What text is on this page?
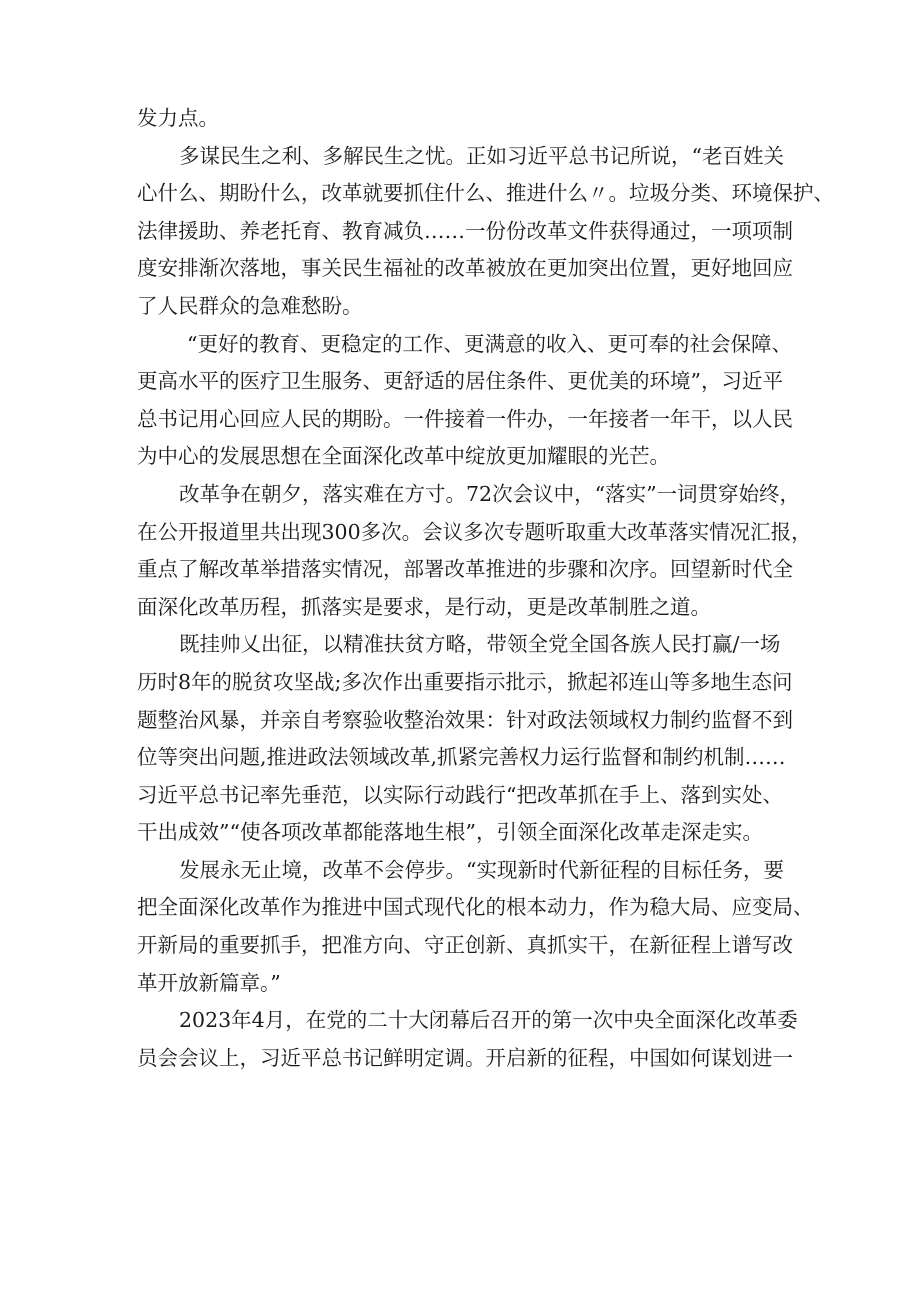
发力点。
多谋民生之利、多解民生之忧。正如习近平总书记所说，“老百姓关
心什么、期盼什么，改革就要抓住什么、推进什么〃。垃圾分类、环境保护、
法律援助、养老托育、教育减负……一份份改革文件获得通过，一项项制
度安排渐次落地，事关民生福祉的改革被放在更加突出位置，更好地回应
了人民群众的急难愁盼。
“更好的教育、更稳定的工作、更满意的收入、更可奉的社会保障、
更高水平的医疗卫生服务、更舒适的居住条件、更优美的环境”，习近平
总书记用心回应人民的期盼。一件接着一件办，一年接者一年干，以人民
为中心的发展思想在全面深化改革中绽放更加耀眼的光芒。
改革争在朝夕，落实难在方寸。72次会议中，“落实”一词贯穿始终，
在公开报道里共出现300多次。会议多次专题听取重大改革落实情况汇报，
重点了解改革举措落实情况，部署改革推进的步骤和次序。回望新时代全
面深化改革历程，抓落实是要求，是行动，更是改革制胜之道。
既挂帅乂出征，以精准扶贫方略，带领全党全国各族人民打赢/一场
历时8年的脱贫攻坚战;多次作出重要指示批示，掀起祁连山等多地生态问
题整治风暴，并亲自考察验收整治效果：针对政法领域权力制约监督不到
位等突出问题,推进政法领域改革,抓紧完善权力运行监督和制约机制……
习近平总书记率先垂范，以实际行动践行“把改革抓在手上、落到实处、
干出成效”“使各项改革都能落地生根”，引领全面深化改革走深走实。
发展永无止境，改革不会停步。“实现新时代新征程的目标任务，要
把全面深化改革作为推进中国式现代化的根本动力，作为稳大局、应变局、
开新局的重要抓手，把准方向、守正创新、真抓实干，在新征程上谱写改
革开放新篇章。”
2023年4月，在党的二十大闭幕后召开的第一次中央全面深化改革委
员会会议上，习近平总书记鲜明定调。开启新的征程，中国如何谋划进一
